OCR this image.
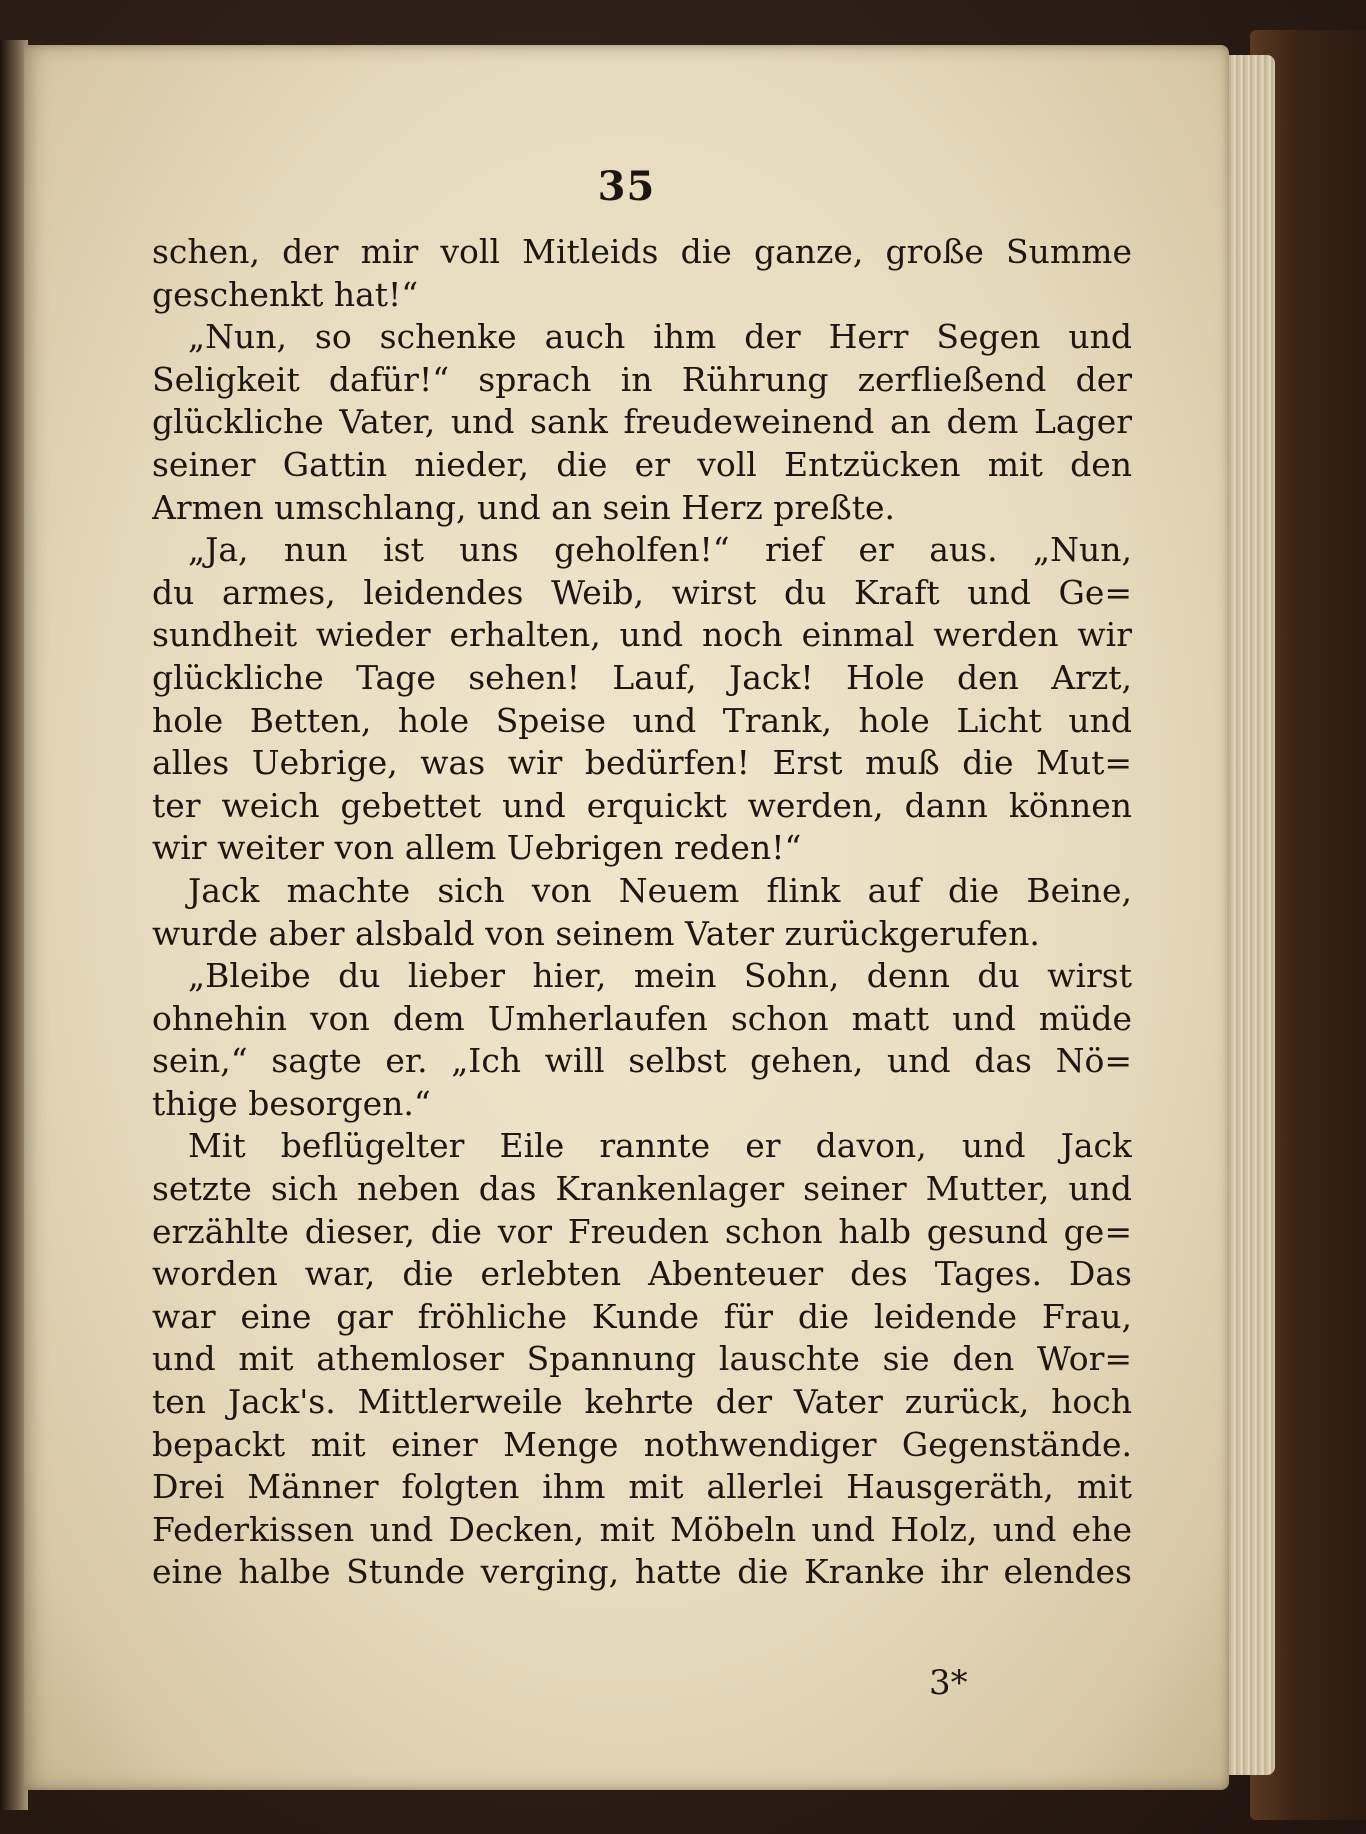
35
schen, der mir voll Mitleids die ganze, große Summe
geschenkt hat!“
„Nun, so schenke auch ihm der Herr Segen und
Seligkeit dafür!“ sprach in Rührung zerfließend der
glückliche Vater, und sank freudeweinend an dem Lager
seiner Gattin nieder, die er voll Entzücken mit den
Armen umschlang, und an sein Herz preßte.
„Ja, nun ist uns geholfen!“ rief er aus. „Nun,
du armes, leidendes Weib, wirst du Kraft und Ge=
sundheit wieder erhalten, und noch einmal werden wir
glückliche Tage sehen! Lauf, Jack! Hole den Arzt,
hole Betten, hole Speise und Trank, hole Licht und
alles Uebrige, was wir bedürfen! Erst muß die Mut=
ter weich gebettet und erquickt werden, dann können
wir weiter von allem Uebrigen reden!“
Jack machte sich von Neuem flink auf die Beine,
wurde aber alsbald von seinem Vater zurückgerufen.
„Bleibe du lieber hier, mein Sohn, denn du wirst
ohnehin von dem Umherlaufen schon matt und müde
sein,“ sagte er. „Ich will selbst gehen, und das Nö=
thige besorgen.“
Mit beflügelter Eile rannte er davon, und Jack
setzte sich neben das Krankenlager seiner Mutter, und
erzählte dieser, die vor Freuden schon halb gesund ge=
worden war, die erlebten Abenteuer des Tages. Das
war eine gar fröhliche Kunde für die leidende Frau,
und mit athemloser Spannung lauschte sie den Wor=
ten Jack's. Mittlerweile kehrte der Vater zurück, hoch
bepackt mit einer Menge nothwendiger Gegenstände.
Drei Männer folgten ihm mit allerlei Hausgeräth, mit
Federkissen und Decken, mit Möbeln und Holz, und ehe
eine halbe Stunde verging, hatte die Kranke ihr elendes
3*
